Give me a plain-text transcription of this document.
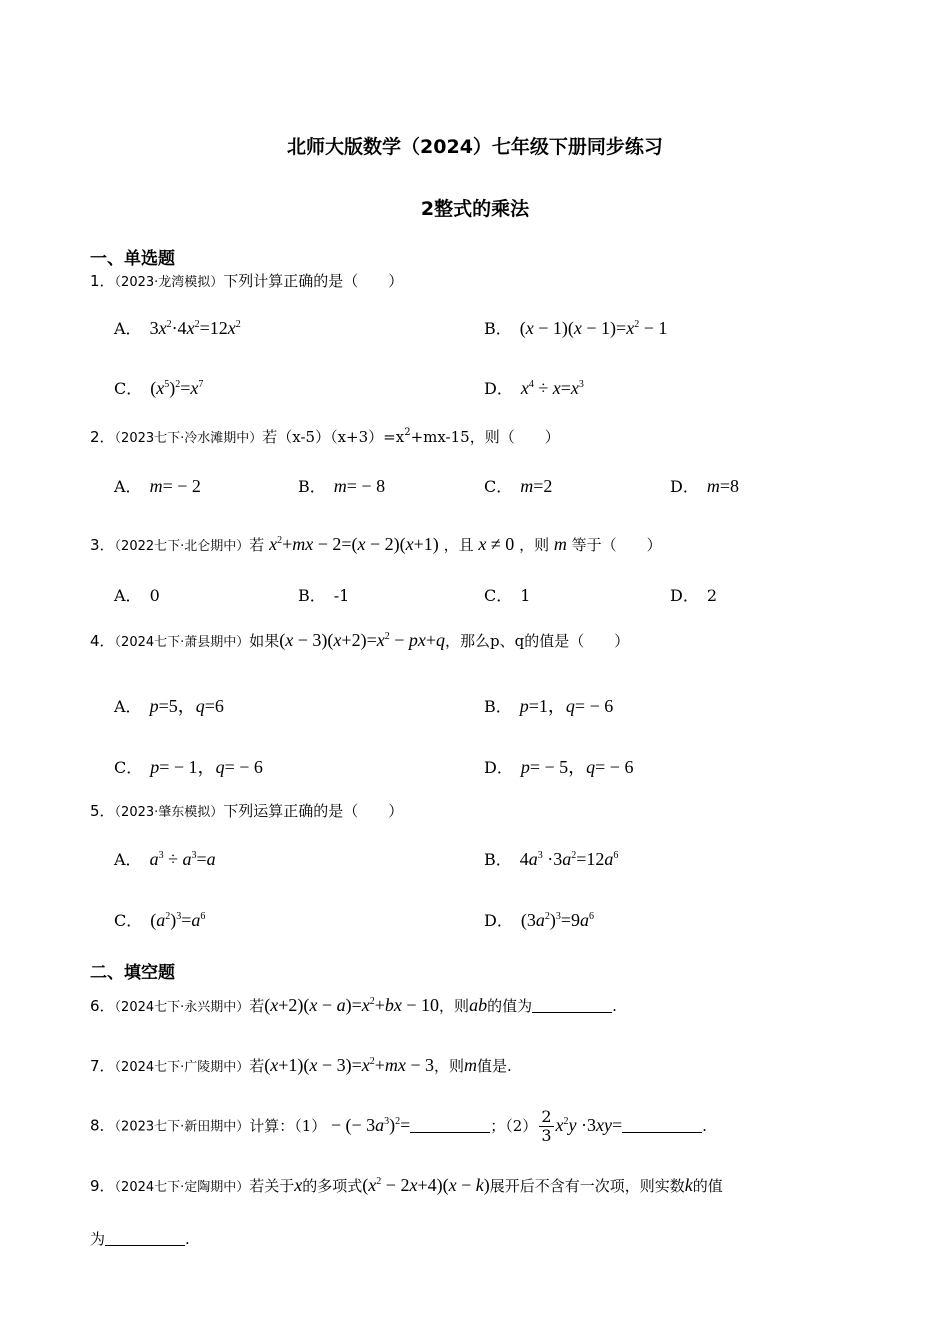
北师大版数学（2024）七年级下册同步练习
2整式的乘法
一、单选题
1．（2023·龙湾模拟）下列计算正确的是（　　）
A． $3x^2\cdot 4x^2=12x^2$	B． $(x - 1)(x - 1)=x^2 - 1$
C． $(x^5)^2=x^7$	D． $x^4 \div x=x^3$
2．（2023七下·冷水滩期中）若$(x-5)(x+3)=x^2+mx-15$，则（　　）
A． m= − 2	B． m= − 8	C． m=2	D． m=8
3．（2022七下·北仑期中）若 $x^2+mx - 2=(x - 2)(x+1)$ ，且 x ≠ 0 ，则 m 等于（　　）
A． 0	B． -1	C． 1	D． 2
4．（2024七下·萧县期中）如果$(x - 3)(x+2)=x^2 - px+q$，那么p、q的值是（　　）
A． p=5，q=6	B． p=1，q= − 6
C． p= − 1，q= − 6	D． p= − 5，q= − 6
5．（2023·肇东模拟）下列运算正确的是（　　）
A． $a^3 \div a^3=a$	B． $4a^3 \cdot 3a^2=12a^6$
C． $(a^2)^3=a^6$	D． $(3a^2)^3=9a^6$
二、填空题
6．（2024七下·永兴期中）若$(x+2)(x - a)=x^2+bx - 10$，则ab的值为	.
7．（2024七下·广陵期中）若$(x+1)(x - 3)=x^2+mx - 3$，则m值是.
8．（2023七下·新田期中）计算：（1） − (− $3a^3)^2=$	；$(2) \frac{2}{3} x^2y \cdot 3xy=$	.
9．（2024七下·定陶期中）若关于x的多项式$(x^2 - 2x+4)(x - k)$展开后不含有一次项，则实数k的值
为	.
